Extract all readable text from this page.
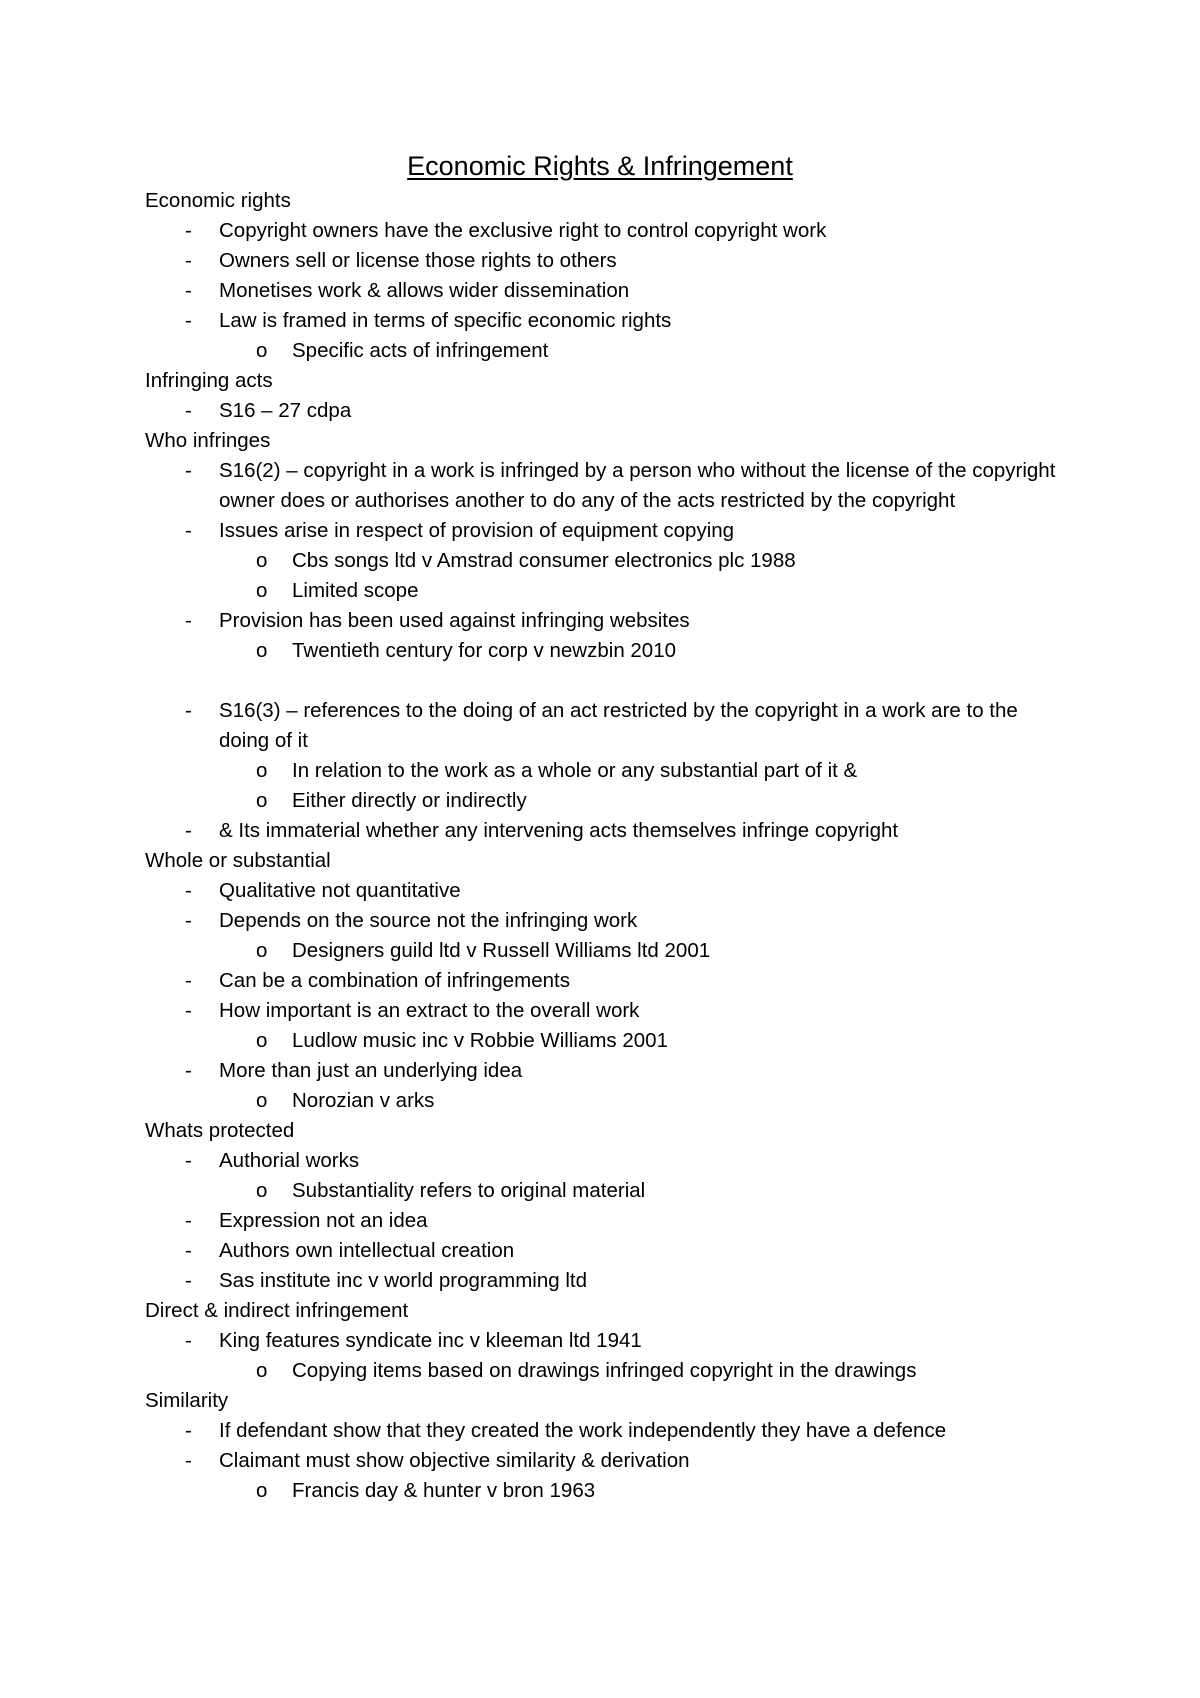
Economic Rights & Infringement
Economic rights
- Copyright owners have the exclusive right to control copyright work
- Owners sell or license those rights to others
- Monetises work & allows wider dissemination
- Law is framed in terms of specific economic rights
o Specific acts of infringement
Infringing acts
- S16 – 27 cdpa
Who infringes
- S16(2) – copyright in a work is infringed by a person who without the license of the copyright owner does or authorises another to do any of the acts restricted by the copyright
- Issues arise in respect of provision of equipment copying
o Cbs songs ltd v Amstrad consumer electronics plc 1988
o Limited scope
- Provision has been used against infringing websites
o Twentieth century for corp v newzbin 2010
- S16(3) – references to the doing of an act restricted by the copyright in a work are to the doing of it
o In relation to the work as a whole or any substantial part of it &
o Either directly or indirectly
- & Its immaterial whether any intervening acts themselves infringe copyright
Whole or substantial
- Qualitative not quantitative
- Depends on the source not the infringing work
o Designers guild ltd v Russell Williams ltd 2001
- Can be a combination of infringements
- How important is an extract to the overall work
o Ludlow music inc v Robbie Williams 2001
- More than just an underlying idea
o Norozian v arks
Whats protected
- Authorial works
o Substantiality refers to original material
- Expression not an idea
- Authors own intellectual creation
- Sas institute inc v world programming ltd
Direct & indirect infringement
- King features syndicate inc v kleeman ltd 1941
o Copying items based on drawings infringed copyright in the drawings
Similarity
- If defendant show that they created the work independently they have a defence
- Claimant must show objective similarity & derivation
o Francis day & hunter v bron 1963
